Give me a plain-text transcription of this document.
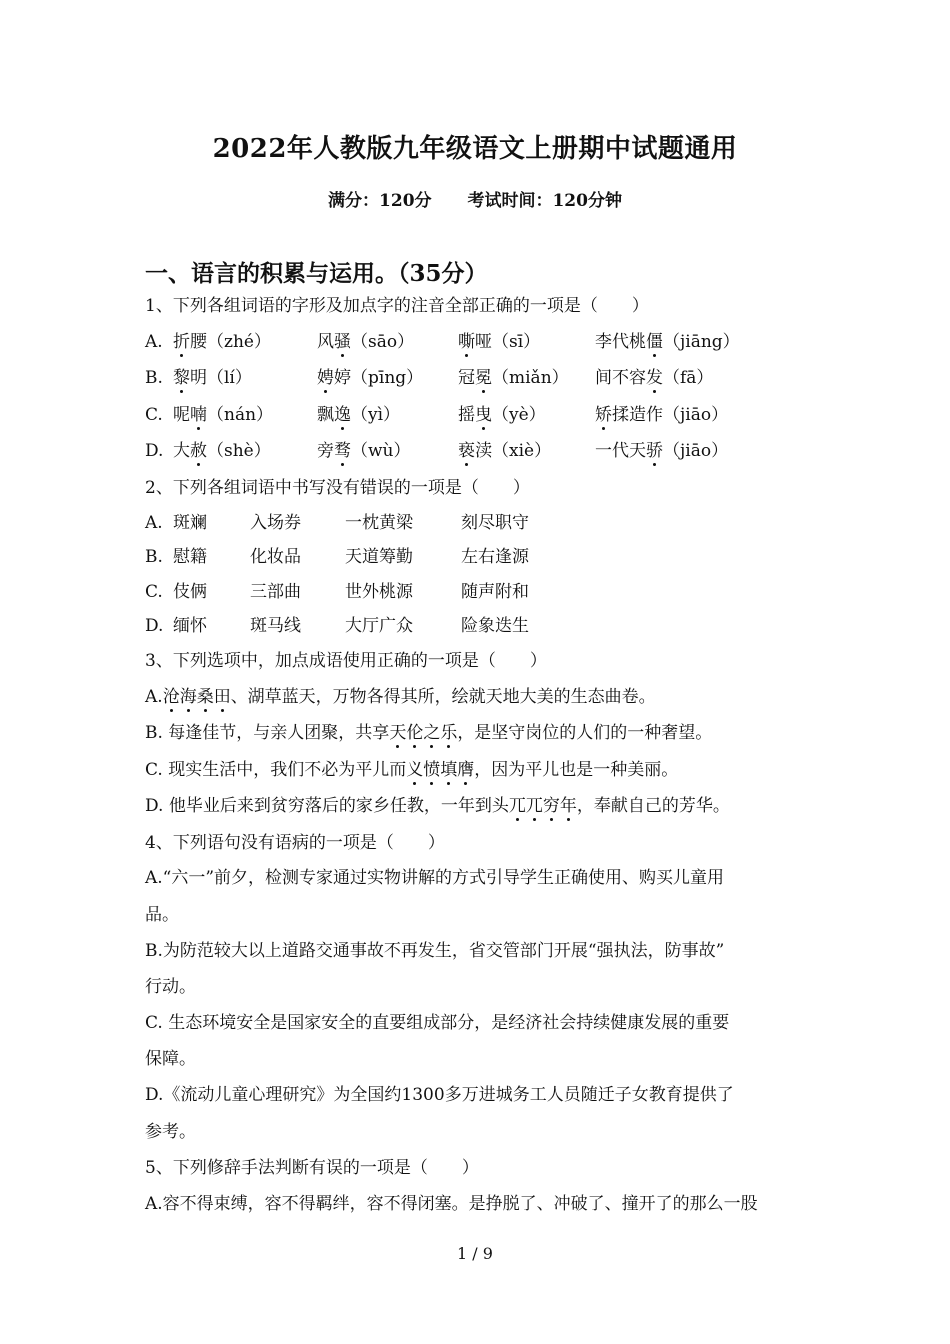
2022年人教版九年级语文上册期中试题通用
满分：120分 考试时间：120分钟
一、语言的积累与运用。（35分）
1、下列各组词语的字形及加点字的注音全部正确的一项是（　　）
A. 折腰（zhé）	风骚（sāo）	嘶哑（sī）	李代桃僵（jiāng）
B. 黎明（lí）	娉婷（pīng） 冠冕（miǎn） 间不容发（fā）
C. 呢喃（nán）	飘逸（yì）	摇曳（yè）	矫揉造作（jiāo）
D. 大赦（shè）	旁骛（wù）	亵渎（xiè）	一代天骄（jiāo）
2、下列各组词语中书写没有错误的一项是（　　）
A. 斑斓	入场券	一枕黄梁	刻尽职守
B. 慰籍	化妆品	天道筹勤	左右逢源
C. 伎俩	三部曲	世外桃源	随声附和
D. 缅怀	斑马线	大厅广众	险象迭生
3、下列选项中，加点成语使用正确的一项是（　　）
A.沧海桑田、湖草蓝天，万物各得其所，绘就天地大美的生态曲卷。
B. 每逢佳节，与亲人团聚，共享天伦之乐，是坚守岗位的人们的一种奢望。
C. 现实生活中，我们不必为平儿而义愤填膺，因为平儿也是一种美丽。
D. 他毕业后来到贫穷落后的家乡任教，一年到头兀兀穷年，奉献自己的芳华。
4、下列语句没有语病的一项是（　　）
A.“六一”前夕，检测专家通过实物讲解的方式引导学生正确使用、购买儿童用
品。
B.为防范较大以上道路交通事故不再发生，省交管部门开展“强执法，防事故”
行动。
C. 生态环境安全是国家安全的直要组成部分，是经济社会持续健康发展的重要
保障。
D.《流动儿童心理研究》为全国约1300多万进城务工人员随迁子女教育提供了
参考。
5、下列修辞手法判断有误的一项是（　　）
A.容不得束缚，容不得羁绊，容不得闭塞。是挣脱了、冲破了、撞开了的那么一股
1 / 9
